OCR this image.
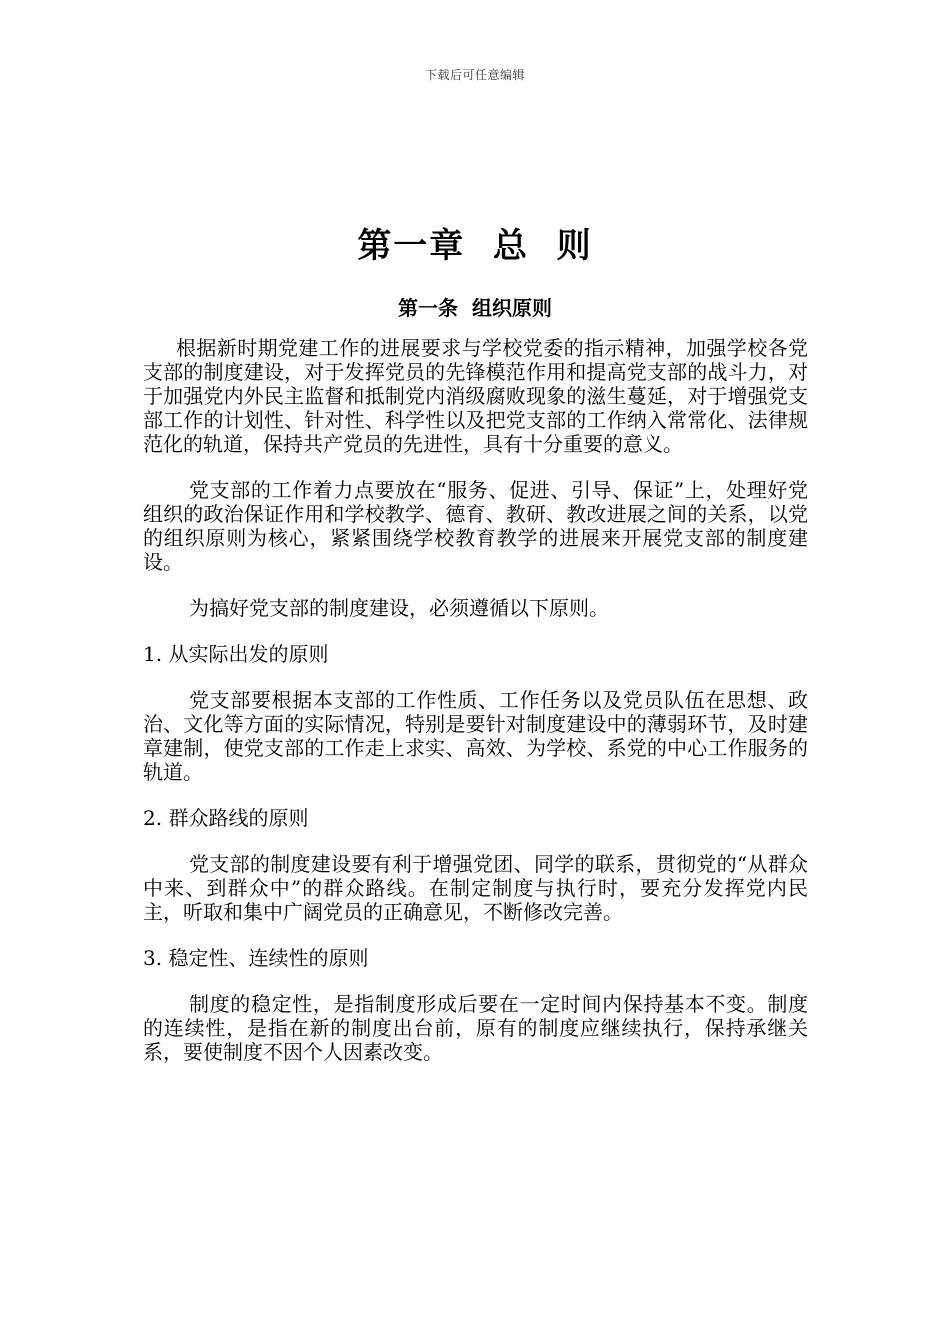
下载后可任意编辑
第一章  总  则
第一条  组织原则

根据新时期党建工作的进展要求与学校党委的指示精神，加强学校各党支部的制度建设，对于发挥党员的先锋模范作用和提高党支部的战斗力，对于加强党内外民主监督和抵制党内消级腐败现象的滋生蔓延，对于增强党支部工作的计划性、针对性、科学性以及把党支部的工作纳入常常化、法律规范化的轨道，保持共产党员的先进性，具有十分重要的意义。

党支部的工作着力点要放在“服务、促进、引导、保证”上，处理好党组织的政治保证作用和学校教学、德育、教研、教改进展之间的关系，以党的组织原则为核心，紧紧围绕学校教育教学的进展来开展党支部的制度建设。

为搞好党支部的制度建设，必须遵循以下原则。

1. 从实际出发的原则

党支部要根据本支部的工作性质、工作任务以及党员队伍在思想、政治、文化等方面的实际情况，特别是要针对制度建设中的薄弱环节，及时建章建制，使党支部的工作走上求实、高效、为学校、系党的中心工作服务的轨道。

2. 群众路线的原则

党支部的制度建设要有利于增强党团、同学的联系，贯彻党的“从群众中来、到群众中”的群众路线。在制定制度与执行时，要充分发挥党内民主，听取和集中广阔党员的正确意见，不断修改完善。

3. 稳定性、连续性的原则

制度的稳定性，是指制度形成后要在一定时间内保持基本不变。制度的连续性，是指在新的制度出台前，原有的制度应继续执行，保持承继关系，要使制度不因个人因素改变。
